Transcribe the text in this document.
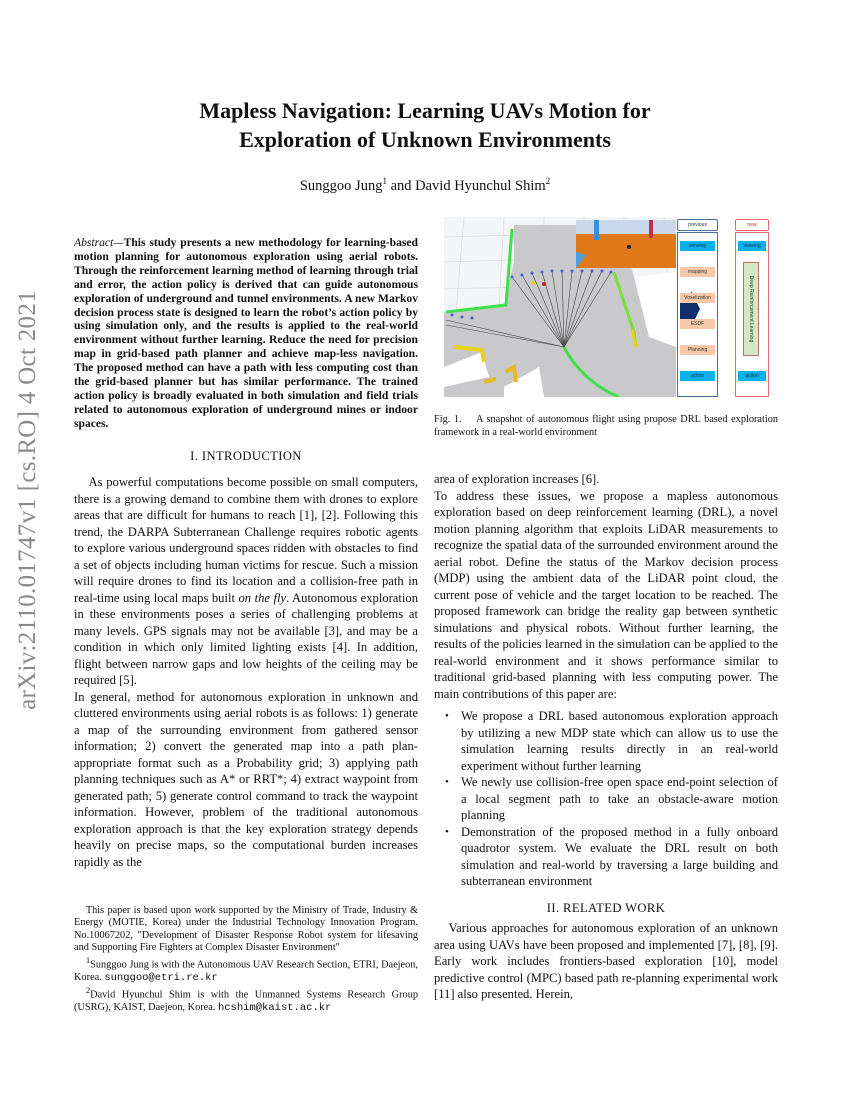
arXiv:2110.01747v1 [cs.RO] 4 Oct 2021
Mapless Navigation: Learning UAVs Motion for
Exploration of Unknown Environments
Sunggoo Jung$^1$ and David Hyunchul Shim$^2$
Abstract—This study presents a new methodology for learning-based motion planning for autonomous exploration using aerial robots. Through the reinforcement learning method of learning through trial and error, the action policy is derived that can guide autonomous exploration of underground and tunnel environments. A new Markov decision process state is designed to learn the robot’s action policy by using simulation only, and the results is applied to the real-world environment without further learning. Reduce the need for precision map in grid-based path planner and achieve map-less navigation. The proposed method can have a path with less computing cost than the grid-based planner but has similar performance. The trained action policy is broadly evaluated in both simulation and field trials related to autonomous exploration of underground mines or indoor spaces.
I. INTRODUCTION

As powerful computations become possible on small computers, there is a growing demand to combine them with drones to explore areas that are difficult for humans to reach [1], [2]. Following this trend, the DARPA Subterranean Challenge requires robotic agents to explore various underground spaces ridden with obstacles to find a set of objects including human victims for rescue. Such a mission will require drones to find its location and a collision-free path in real-time using local maps built on the fly. Autonomous exploration in these environments poses a series of challenging problems at many levels. GPS signals may not be available [3], and may be a condition in which only limited lighting exists [4]. In addition, flight between narrow gaps and low heights of the ceiling may be required [5].

In general, method for autonomous exploration in unknown and cluttered environments using aerial robots is as follows: 1) generate a map of the surrounding environment from gathered sensor information; 2) convert the generated map into a path plan-appropriate format such as a Probability grid; 3) applying path planning techniques such as A* or RRT*; 4) extract waypoint from generated path; 5) generate control command to track the waypoint information. However, problem of the traditional autonomous exploration approach is that the key exploration strategy depends heavily on precise maps, so the computational burden increases rapidly as the

previous
sensing
mapping
Voxelization
ESDF
Planning
action
new
sensing
Deep Reinforcement Learning
action
Fig. 1. A snapshot of autonomous flight using propose DRL based exploration framework in a real-world environment

area of exploration increases [6].

To address these issues, we propose a mapless autonomous exploration based on deep reinforcement learning (DRL), a novel motion planning algorithm that exploits LiDAR measurements to recognize the spatial data of the surrounded environment around the aerial robot. Define the status of the Markov decision process (MDP) using the ambient data of the LiDAR point cloud, the current pose of vehicle and the target location to be reached. The proposed framework can bridge the reality gap between synthetic simulations and physical robots. Without further learning, the results of the policies learned in the simulation can be applied to the real-world environment and it shows performance similar to traditional grid-based planning with less computing power. The main contributions of this paper are:

• We propose a DRL based autonomous exploration approach by utilizing a new MDP state which can allow us to use the simulation learning results directly in an real-world experiment without further learning
• We newly use collision-free open space end-point selection of a local segment path to take an obstacle-aware motion planning
• Demonstration of the proposed method in a fully onboard quadrotor system. We evaluate the DRL result on both simulation and real-world by traversing a large building and subterranean environment
II. RELATED WORK

Various approaches for autonomous exploration of an unknown area using UAVs have been proposed and implemented [7], [8], [9]. Early work includes frontiers-based exploration [10], model predictive control (MPC) based path re-planning experimental work [11] also presented. Herein,

This paper is based upon work supported by the Ministry of Trade, Industry & Energy (MOTIE, Korea) under the Industrial Technology Innovation Program. No.10067202, "Development of Disaster Response Robot system for lifesaving and Supporting Fire Fighters at Complex Disaster Environment"

$^1$Sunggoo Jung is with the Autonomous UAV Research Section, ETRI, Daejeon, Korea. sunggoo@etri.re.kr

$^2$David Hyunchul Shim is with the Unmanned Systems Research Group (USRG), KAIST, Daejeon, Korea. hcshim@kaist.ac.kr
